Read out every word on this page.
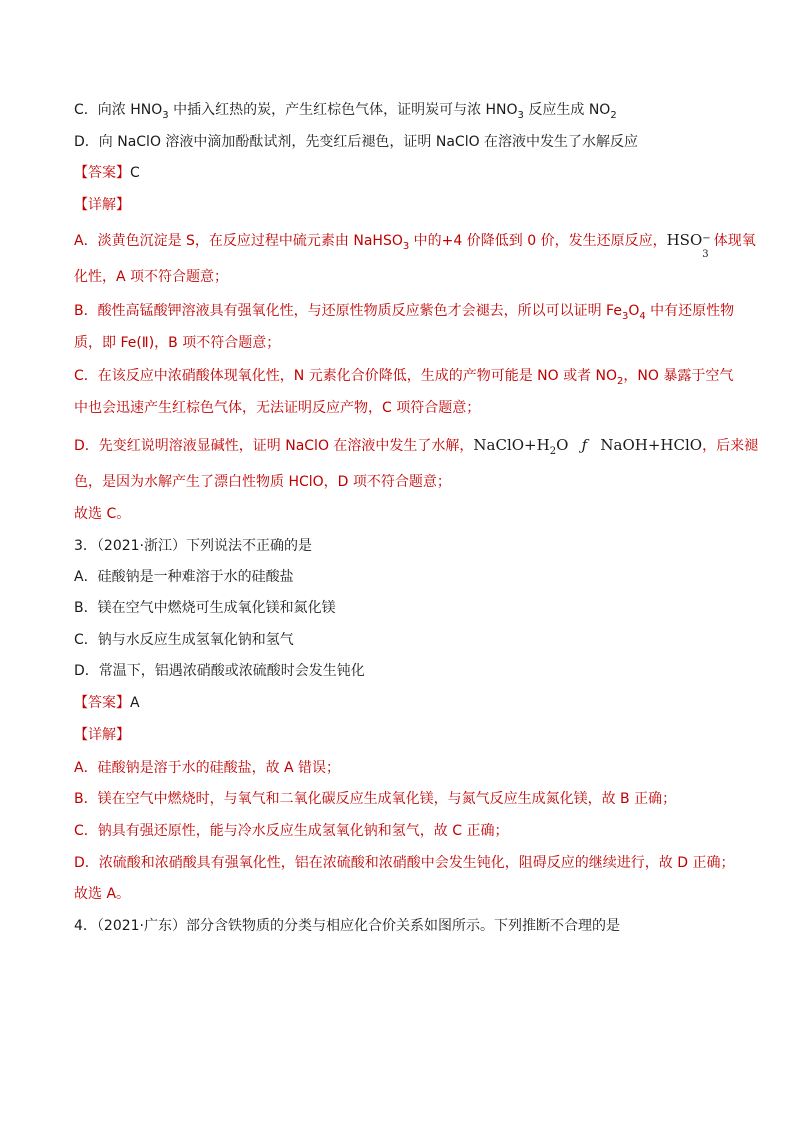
C．向浓 $HNO_3$ 中插入红热的炭，产生红棕色气体，证明炭可与浓 $HNO_3$ 反应生成 $NO_2$
D．向 NaClO 溶液中滴加酚酞试剂，先变红后褪色，证明 NaClO 在溶液中发生了水解反应
【答案】C
【详解】
A．淡黄色沉淀是 S，在反应过程中硫元素由 NaHSO$_3$ 中的+4 价降低到 0 价，发生还原反应，HSO −
3
体现氧
化性，A 项不符合题意；
B．酸性高锰酸钾溶液具有强氧化性，与还原性物质反应紫色才会褪去，所以可以证明 $Fe_3O_4$ 中有还原性物
质，即 Fe(Ⅱ)，B 项不符合题意；
C．在该反应中浓硝酸体现氧化性，N 元素化合价降低，生成的产物可能是 NO 或者 $NO_2$，NO 暴露于空气
中也会迅速产生红棕色气体，无法证明反应产物，C 项符合题意；
D．先变红说明溶液显碱性，证明 NaClO 在溶液中发生了水解，$NaClO+H_2O$ ƒ NaOH+HClO，后来褪
色，是因为水解产生了漂白性物质 HClO，D 项不符合题意；
故选 C。
3．（2021·浙江）下列说法不正确的是
A．硅酸钠是一种难溶于水的硅酸盐
B．镁在空气中燃烧可生成氧化镁和氮化镁
C．钠与水反应生成氢氧化钠和氢气
D．常温下，铝遇浓硝酸或浓硫酸时会发生钝化
【答案】A
【详解】
A．硅酸钠是溶于水的硅酸盐，故 A 错误；
B．镁在空气中燃烧时，与氧气和二氧化碳反应生成氧化镁，与氮气反应生成氮化镁，故 B 正确；
C．钠具有强还原性，能与冷水反应生成氢氧化钠和氢气，故 C 正确；
D．浓硫酸和浓硝酸具有强氧化性，铝在浓硫酸和浓硝酸中会发生钝化，阻碍反应的继续进行，故 D 正确；
故选 A。
4．（2021·广东）部分含铁物质的分类与相应化合价关系如图所示。下列推断不合理的是
